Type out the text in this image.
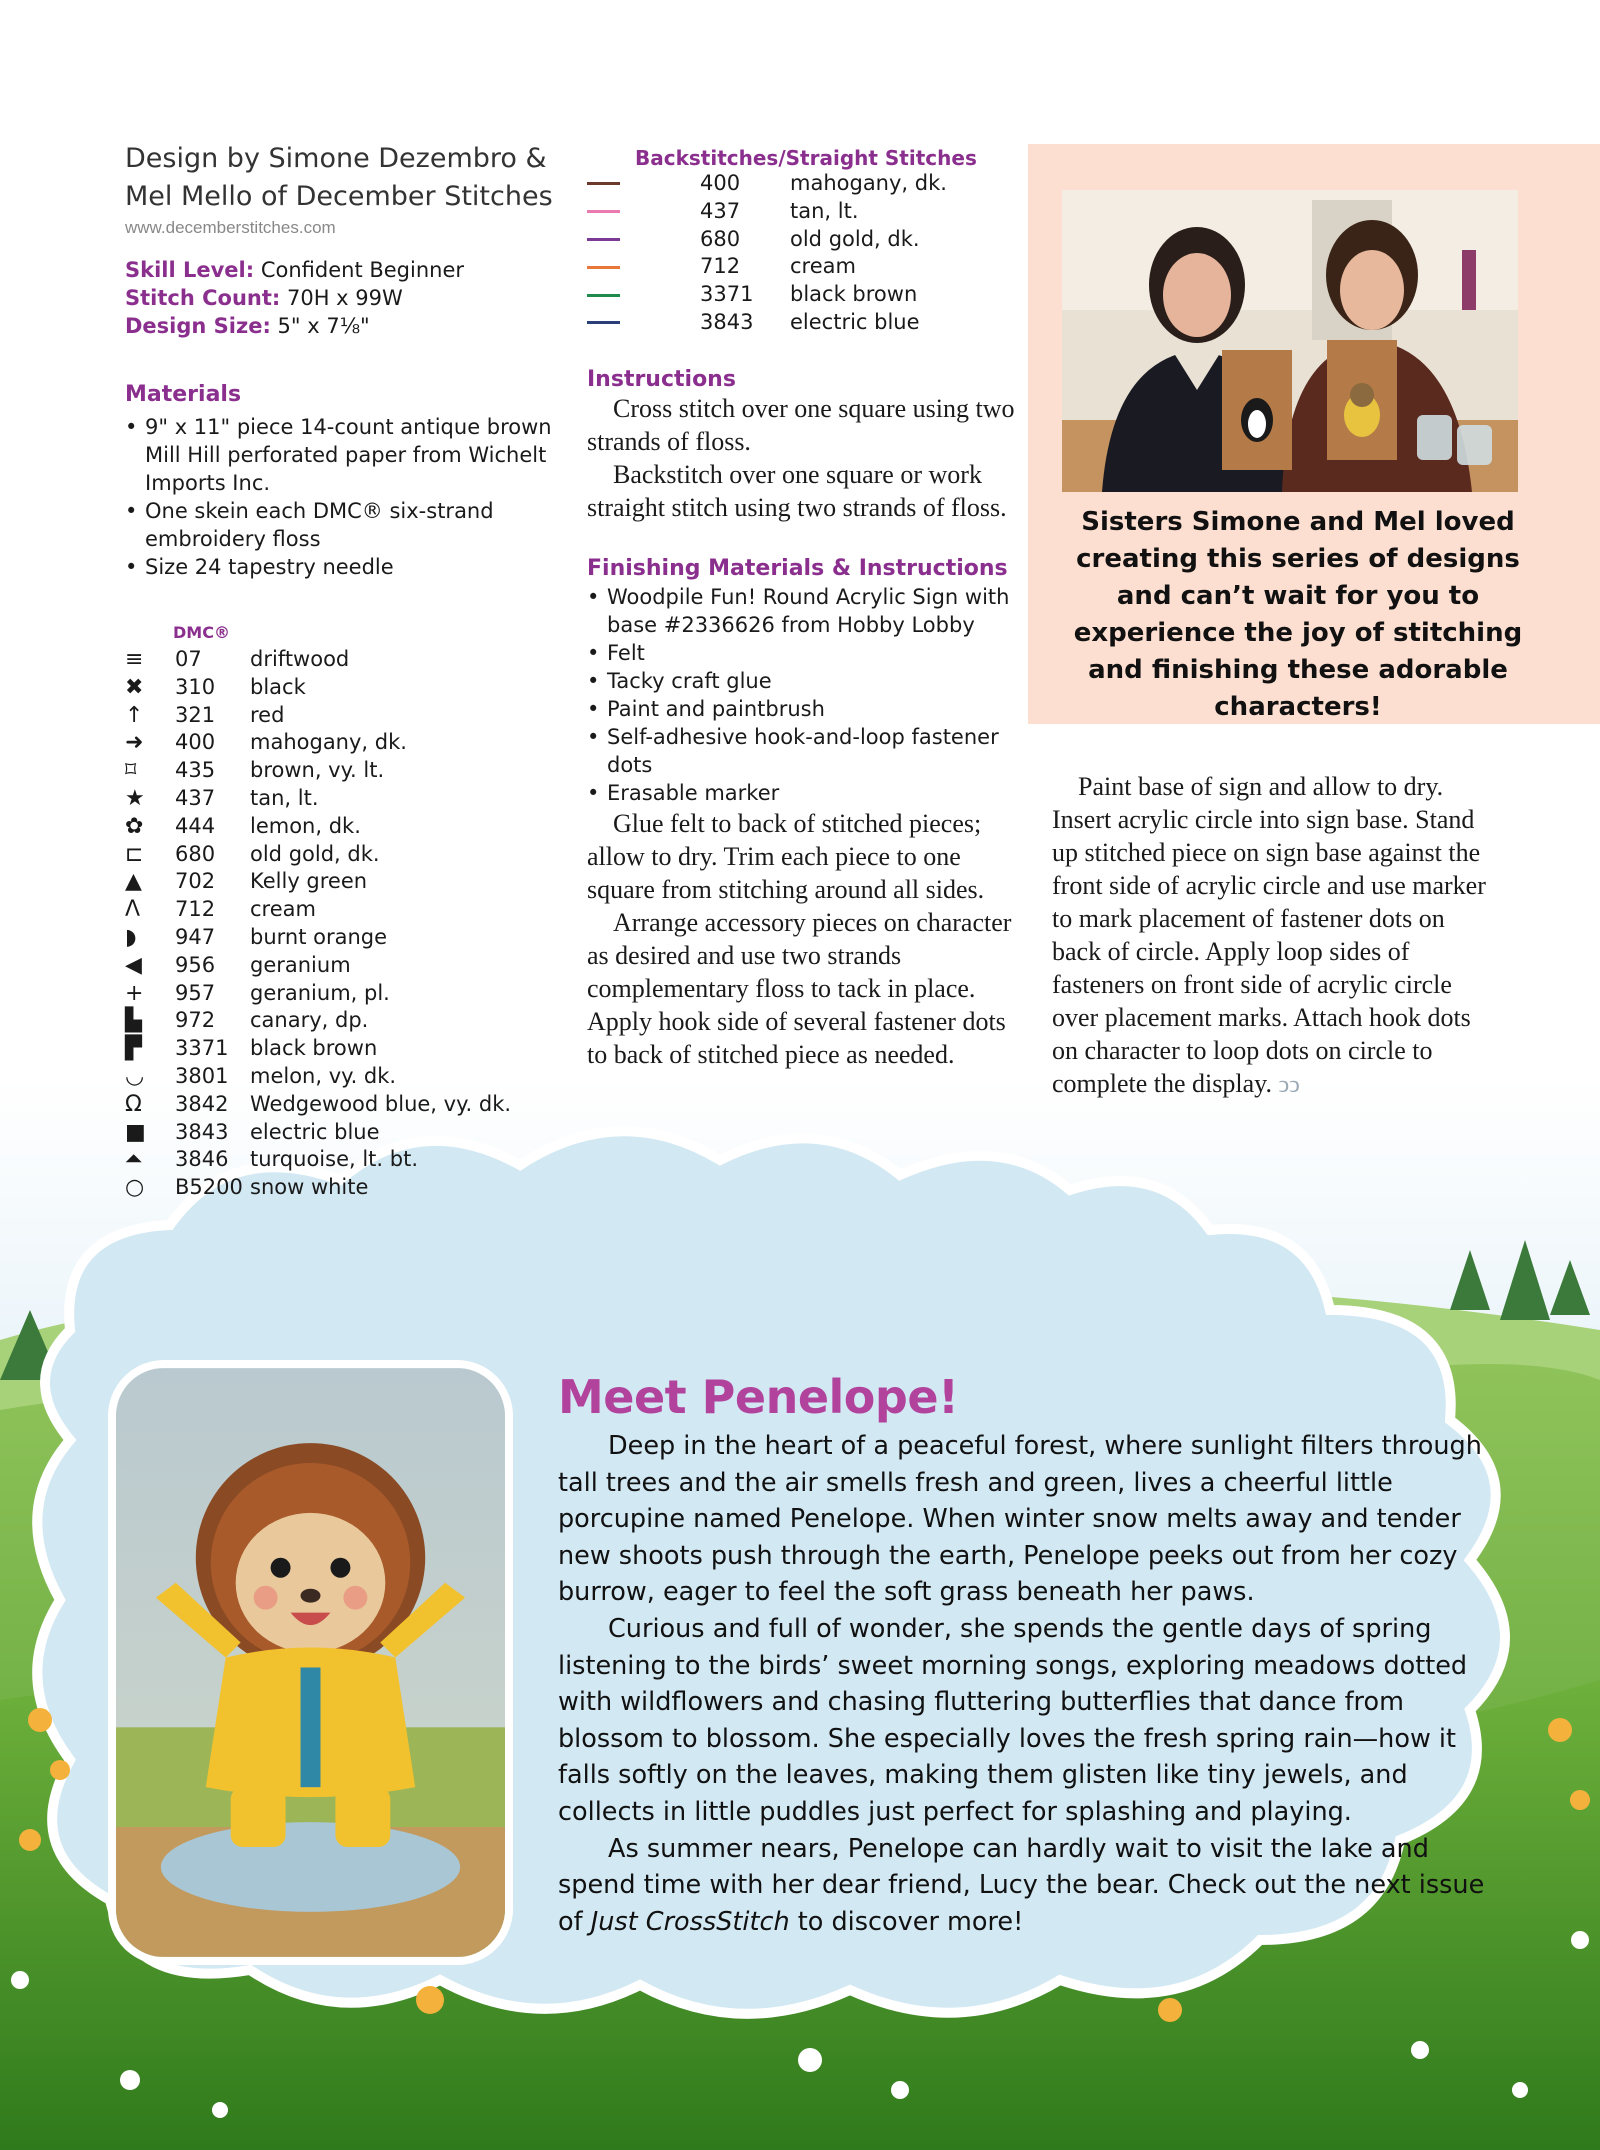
Design by Simone Dezembro &
Mel Mello of December Stitches
www.decemberstitches.com
Skill Level: Confident Beginner
Stitch Count: 70H x 99W
Design Size: 5" x 7⅛"
Materials
• 9" x 11" piece 14-count antique brown Mill Hill perforated paper from Wichelt Imports Inc.
• One skein each DMC® six-strand embroidery floss
• Size 24 tapestry needle
DMC®
≡	07	driftwood
✖	310	black
↑	321	red
➜	400	mahogany, dk.
⌑	435	brown, vy. lt.
★	437	tan, lt.
✿	444	lemon, dk.
⊏	680	old gold, dk.
▲	702	Kelly green
Λ	712	cream
◗	947	burnt orange
◀	956	geranium
+	957	geranium, pl.
▙	972	canary, dp.
▛	3371	black brown
◡	3801	melon, vy. dk.
Ω	3842	Wedgewood blue, vy. dk.
■	3843	electric blue
⏶	3846	turquoise, lt. bt.
○	B5200 snow white
Backstitches/Straight Stitches
400	mahogany, dk.
437	tan, lt.
680	old gold, dk.
712	cream
3371	black brown
3843	electric blue
Instructions

Cross stitch over one square using two strands of floss.

Backstitch over one square or work straight stitch using two strands of floss.

Finishing Materials & Instructions
• Woodpile Fun! Round Acrylic Sign with base #2336626 from Hobby Lobby
• Felt
• Tacky craft glue
• Paint and paintbrush
• Self-adhesive hook-and-loop fastener dots
• Erasable marker

Glue felt to back of stitched pieces; allow to dry. Trim each piece to one square from stitching around all sides.

Arrange accessory pieces on character as desired and use two strands complementary floss to tack in place. Apply hook side of several fastener dots to back of stitched piece as needed.

Sisters Simone and Mel loved creating this series of designs and can’t wait for you to experience the joy of stitching and finishing these adorable characters!

Paint base of sign and allow to dry. Insert acrylic circle into sign base. Stand up stitched piece on sign base against the front side of acrylic circle and use marker to mark placement of fastener dots on back of circle. Apply loop sides of fasteners on front side of acrylic circle over placement marks. Attach hook dots on character to loop dots on circle to complete the display. ↄↄ

Meet Penelope!

Deep in the heart of a peaceful forest, where sunlight filters through tall trees and the air smells fresh and green, lives a cheerful little porcupine named Penelope. When winter snow melts away and tender new shoots push through the earth, Penelope peeks out from her cozy burrow, eager to feel the soft grass beneath her paws.

Curious and full of wonder, she spends the gentle days of spring listening to the birds’ sweet morning songs, exploring meadows dotted with wildflowers and chasing fluttering butterflies that dance from blossom to blossom. She especially loves the fresh spring rain—how it falls softly on the leaves, making them glisten like tiny jewels, and collects in little puddles just perfect for splashing and playing.

As summer nears, Penelope can hardly wait to visit the lake and spend time with her dear friend, Lucy the bear. Check out the next issue of Just CrossStitch to discover more!
